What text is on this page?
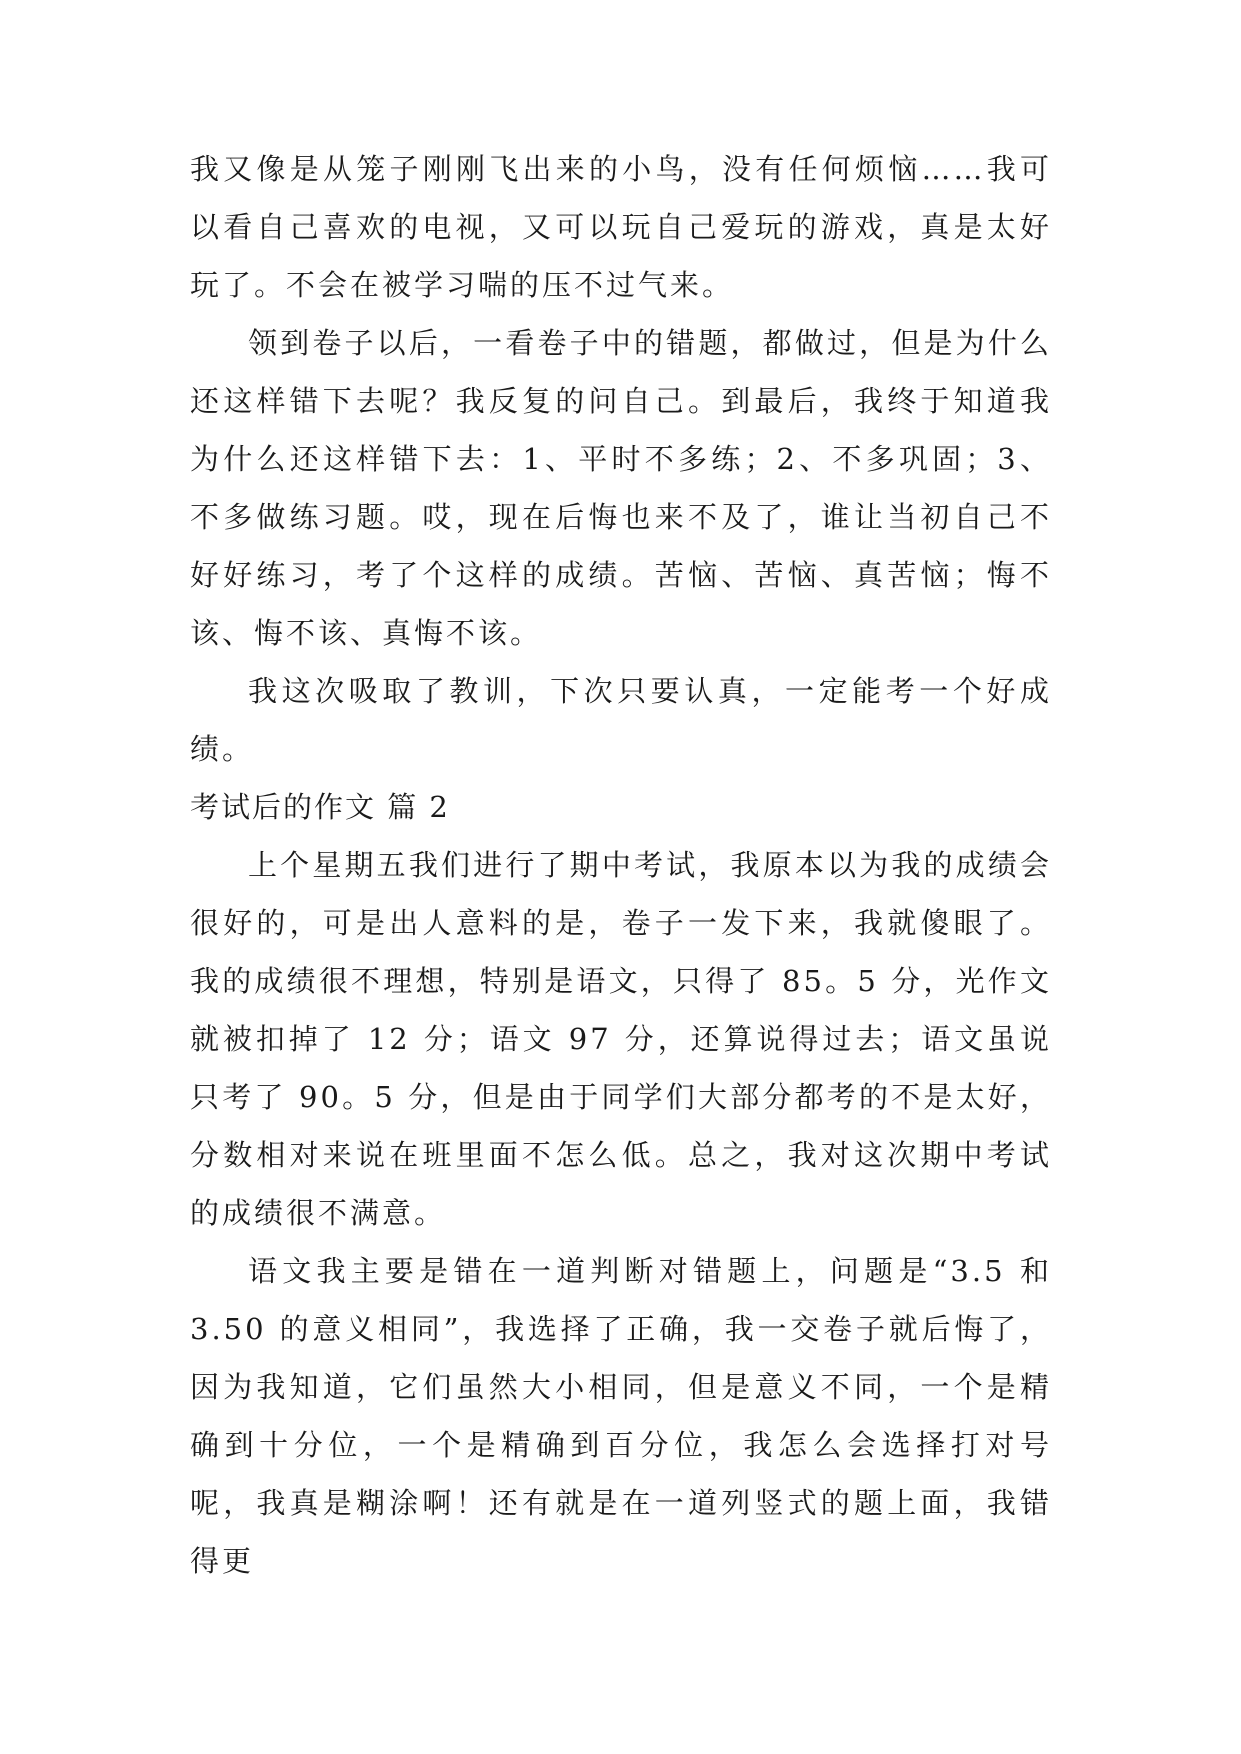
我又像是从笼子刚刚飞出来的小鸟，没有任何烦恼……我可以看自己喜欢的电视，又可以玩自己爱玩的游戏，真是太好玩了。不会在被学习喘的压不过气来。

领到卷子以后，一看卷子中的错题，都做过，但是为什么还这样错下去呢？我反复的问自己。到最后，我终于知道我为什么还这样错下去：1、平时不多练；2、不多巩固；3、不多做练习题。哎，现在后悔也来不及了，谁让当初自己不好好练习，考了个这样的成绩。苦恼、苦恼、真苦恼；悔不该、悔不该、真悔不该。

我这次吸取了教训，下次只要认真，一定能考一个好成绩。

考试后的作文 篇 2

上个星期五我们进行了期中考试，我原本以为我的成绩会很好的，可是出人意料的是，卷子一发下来，我就傻眼了。我的成绩很不理想，特别是语文，只得了 85。5 分，光作文就被扣掉了 12 分；语文 97 分，还算说得过去；语文虽说只考了 90。5 分，但是由于同学们大部分都考的不是太好，分数相对来说在班里面不怎么低。总之，我对这次期中考试的成绩很不满意。

语文我主要是错在一道判断对错题上，问题是“3.5 和 3.50 的意义相同”，我选择了正确，我一交卷子就后悔了，因为我知道，它们虽然大小相同，但是意义不同，一个是精确到十分位，一个是精确到百分位，我怎么会选择打对号呢，我真是糊涂啊！还有就是在一道列竖式的题上面，我错得更
